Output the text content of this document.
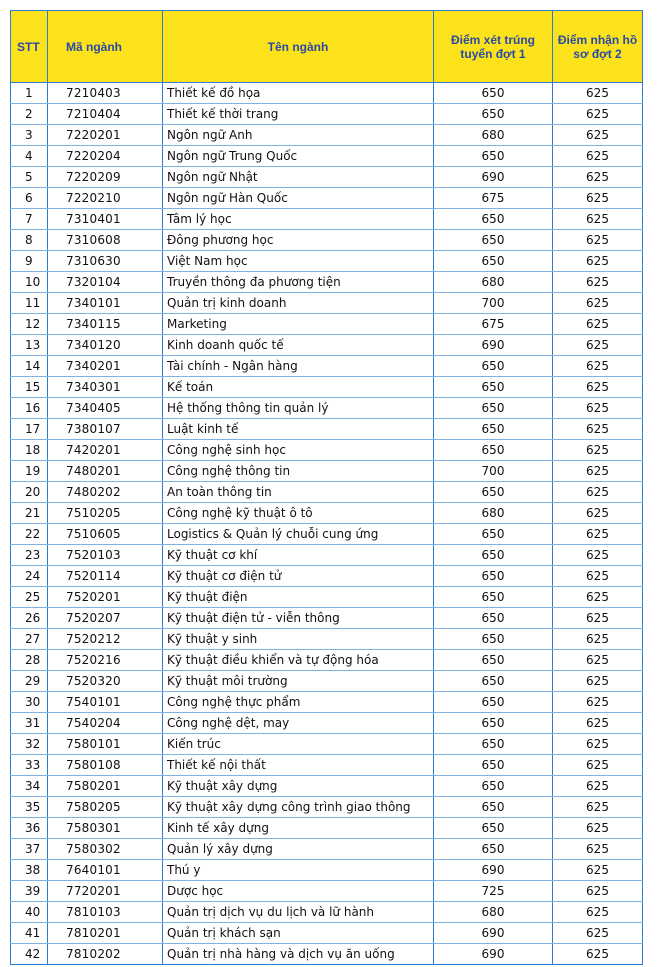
STT	Mã ngành	Tên ngành	Điểm xét trúng tuyển đợt 1	Điểm nhận hồ sơ đợt 2
1	7210403	Thiết kế đồ họa	650	625
2	7210404	Thiết kế thời trang	650	625
3	7220201	Ngôn ngữ Anh	680	625
4	7220204	Ngôn ngữ Trung Quốc	650	625
5	7220209	Ngôn ngữ Nhật	690	625
6	7220210	Ngôn ngữ Hàn Quốc	675	625
7	7310401	Tâm lý học	650	625
8	7310608	Đông phương học	650	625
9	7310630	Việt Nam học	650	625
10	7320104	Truyền thông đa phương tiện	680	625
11	7340101	Quản trị kinh doanh	700	625
12	7340115	Marketing	675	625
13	7340120	Kinh doanh quốc tế	690	625
14	7340201	Tài chính - Ngân hàng	650	625
15	7340301	Kế toán	650	625
16	7340405	Hệ thống thông tin quản lý	650	625
17	7380107	Luật kinh tế	650	625
18	7420201	Công nghệ sinh học	650	625
19	7480201	Công nghệ thông tin	700	625
20	7480202	An toàn thông tin	650	625
21	7510205	Công nghệ kỹ thuật ô tô	680	625
22	7510605	Logistics & Quản lý chuỗi cung ứng	650	625
23	7520103	Kỹ thuật cơ khí	650	625
24	7520114	Kỹ thuật cơ điện tử	650	625
25	7520201	Kỹ thuật điện	650	625
26	7520207	Kỹ thuật điện tử - viễn thông	650	625
27	7520212	Kỹ thuật y sinh	650	625
28	7520216	Kỹ thuật điều khiển và tự động hóa	650	625
29	7520320	Kỹ thuật môi trường	650	625
30	7540101	Công nghệ thực phẩm	650	625
31	7540204	Công nghệ dệt, may	650	625
32	7580101	Kiến trúc	650	625
33	7580108	Thiết kế nội thất	650	625
34	7580201	Kỹ thuật xây dựng	650	625
35	7580205	Kỹ thuật xây dựng công trình giao thông	650	625
36	7580301	Kinh tế xây dựng	650	625
37	7580302	Quản lý xây dựng	650	625
38	7640101	Thú y	690	625
39	7720201	Dược học	725	625
40	7810103	Quản trị dịch vụ du lịch và lữ hành	680	625
41	7810201	Quản trị khách sạn	690	625
42	7810202	Quản trị nhà hàng và dịch vụ ăn uống	690	625
